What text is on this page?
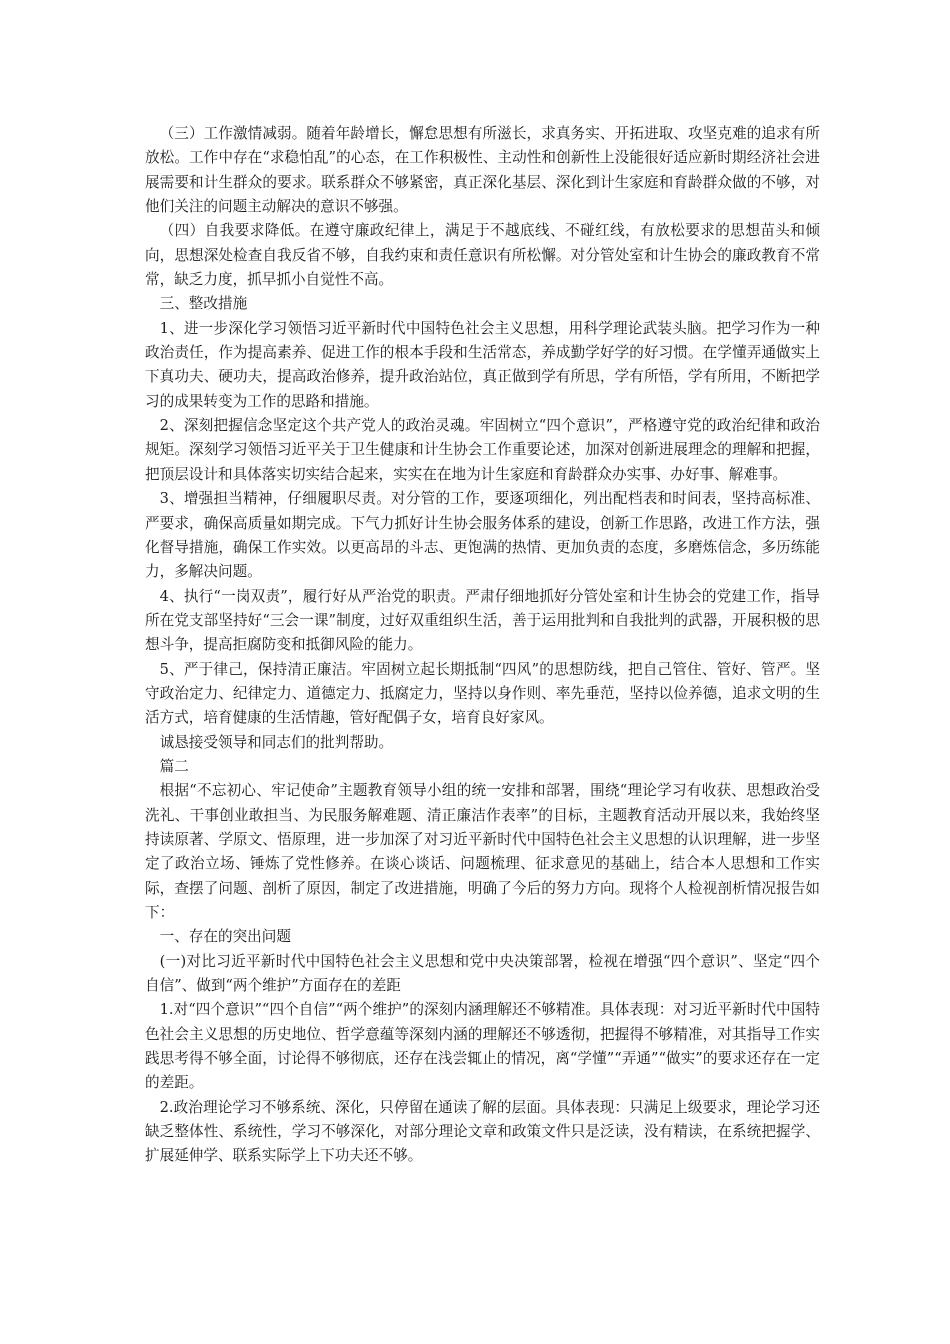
（三）工作激情减弱。随着年龄增长，懈怠思想有所滋长，求真务实、开拓进取、攻坚克难的追求有所放松。工作中存在“求稳怕乱”的心态，在工作积极性、主动性和创新性上没能很好适应新时期经济社会进展需要和计生群众的要求。联系群众不够紧密，真正深化基层、深化到计生家庭和育龄群众做的不够，对他们关注的问题主动解决的意识不够强。

（四）自我要求降低。在遵守廉政纪律上，满足于不越底线、不碰红线，有放松要求的思想苗头和倾向，思想深处检查自我反省不够，自我约束和责任意识有所松懈。对分管处室和计生协会的廉政教育不常常，缺乏力度，抓早抓小自觉性不高。

三、整改措施

1、进一步深化学习领悟习近平新时代中国特色社会主义思想，用科学理论武装头脑。把学习作为一种政治责任，作为提高素养、促进工作的根本手段和生活常态，养成勤学好学的好习惯。在学懂弄通做实上下真功夫、硬功夫，提高政治修养，提升政治站位，真正做到学有所思，学有所悟，学有所用，不断把学习的成果转变为工作的思路和措施。

2、深刻把握信念坚定这个共产党人的政治灵魂。牢固树立“四个意识”，严格遵守党的政治纪律和政治规矩。深刻学习领悟习近平关于卫生健康和计生协会工作重要论述，加深对创新进展理念的理解和把握，把顶层设计和具体落实切实结合起来，实实在在地为计生家庭和育龄群众办实事、办好事、解难事。

3、增强担当精神，仔细履职尽责。对分管的工作，要逐项细化，列出配档表和时间表，坚持高标准、严要求，确保高质量如期完成。下气力抓好计生协会服务体系的建设，创新工作思路，改进工作方法，强化督导措施，确保工作实效。以更高昂的斗志、更饱满的热情、更加负责的态度，多磨炼信念，多历练能力，多解决问题。

4、执行“一岗双责”，履行好从严治党的职责。严肃仔细地抓好分管处室和计生协会的党建工作，指导所在党支部坚持好“三会一课”制度，过好双重组织生活，善于运用批判和自我批判的武器，开展积极的思想斗争，提高拒腐防变和抵御风险的能力。

5、严于律己，保持清正廉洁。牢固树立起长期抵制“四风”的思想防线，把自己管住、管好、管严。坚守政治定力、纪律定力、道德定力、抵腐定力，坚持以身作则、率先垂范，坚持以俭养德，追求文明的生活方式，培育健康的生活情趣，管好配偶子女，培育良好家风。

诚恳接受领导和同志们的批判帮助。

篇二

根据“不忘初心、牢记使命”主题教育领导小组的统一安排和部署，围绕“理论学习有收获、思想政治受洗礼、干事创业敢担当、为民服务解难题、清正廉洁作表率”的目标，主题教育活动开展以来，我始终坚持读原著、学原文、悟原理，进一步加深了对习近平新时代中国特色社会主义思想的认识理解，进一步坚定了政治立场、锤炼了党性修养。在谈心谈话、问题梳理、征求意见的基础上，结合本人思想和工作实际，查摆了问题、剖析了原因，制定了改进措施，明确了今后的努力方向。现将个人检视剖析情况报告如下：

一、存在的突出问题

(一)对比习近平新时代中国特色社会主义思想和党中央决策部署，检视在增强“四个意识”、坚定“四个自信”、做到“两个维护”方面存在的差距

1.对“四个意识”“四个自信”“两个维护”的深刻内涵理解还不够精准。具体表现：对习近平新时代中国特色社会主义思想的历史地位、哲学意蕴等深刻内涵的理解还不够透彻，把握得不够精准，对其指导工作实践思考得不够全面，讨论得不够彻底，还存在浅尝辄止的情况，离“学懂”“弄通”“做实”的要求还存在一定的差距。

2.政治理论学习不够系统、深化，只停留在通读了解的层面。具体表现：只满足上级要求，理论学习还缺乏整体性、系统性，学习不够深化，对部分理论文章和政策文件只是泛读，没有精读，在系统把握学、扩展延伸学、联系实际学上下功夫还不够。
